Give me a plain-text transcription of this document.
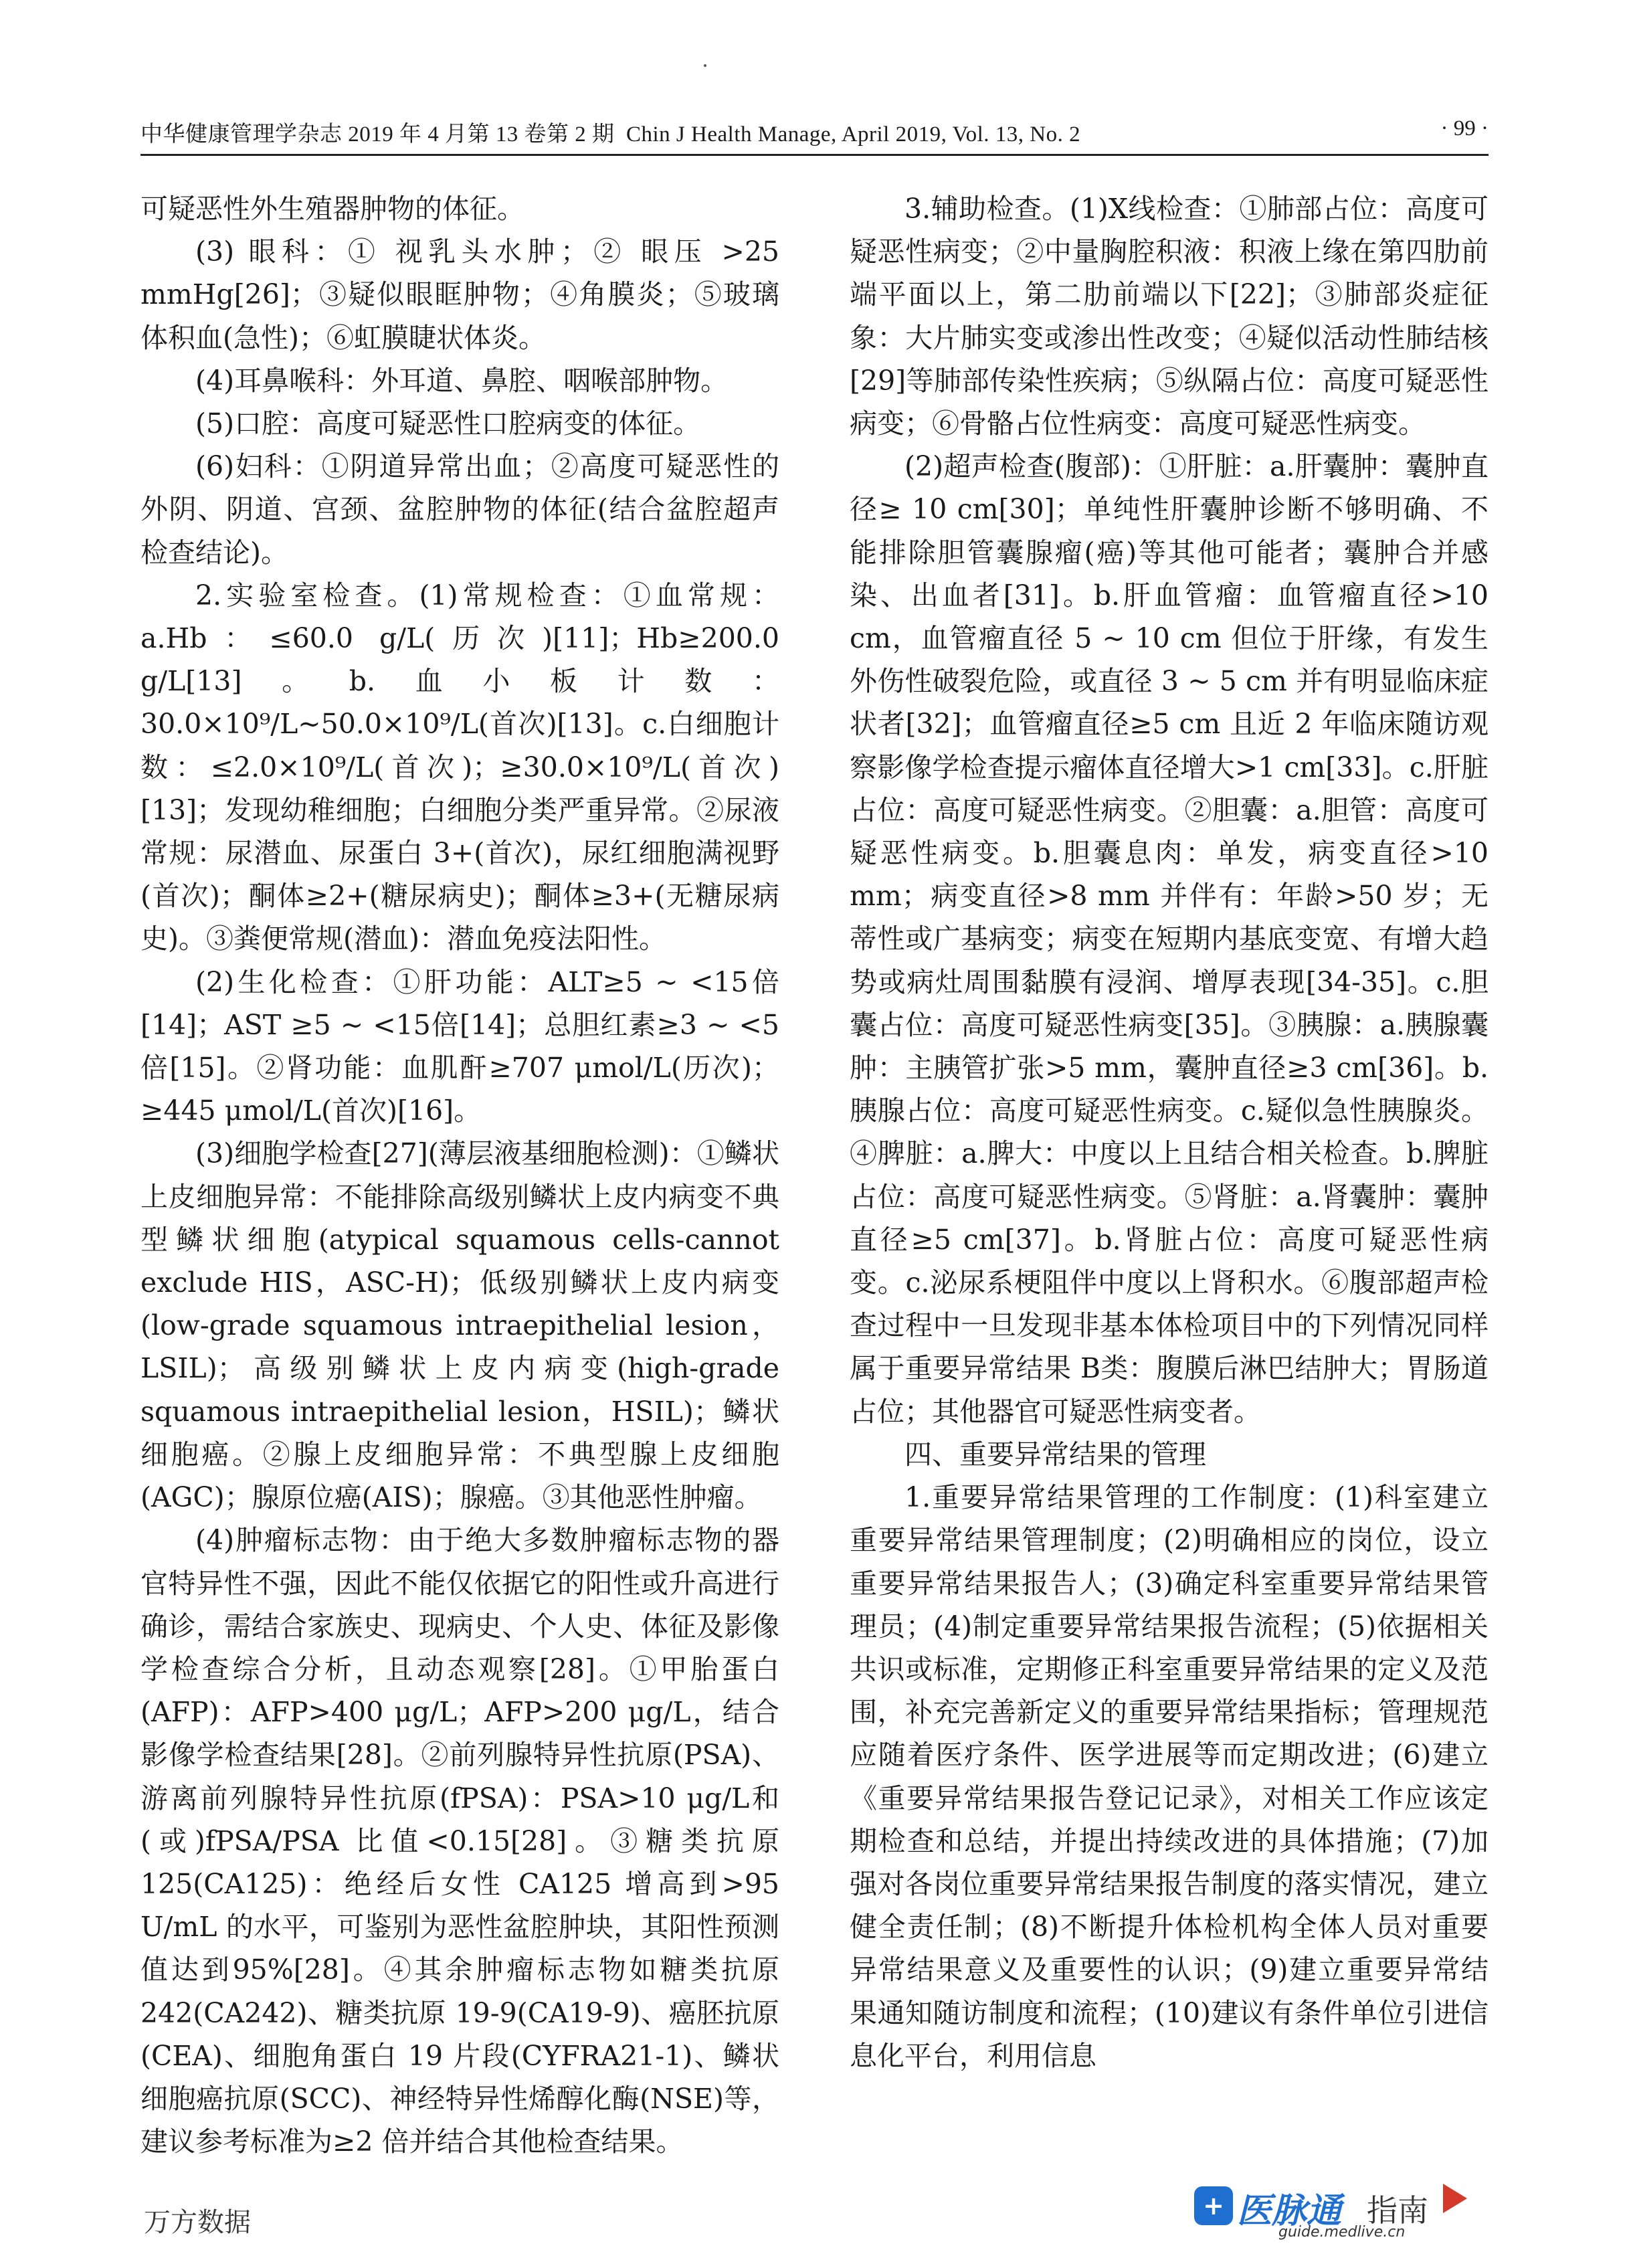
中华健康管理学杂志 2019 年 4 月第 13 卷第 2 期 Chin J Health Manage, April 2019, Vol. 13, No. 2	· 99 ·

可疑恶性外生殖器肿物的体征。

(3) 眼科：① 视乳头水肿；② 眼压 >25 mmHg[26]；③疑似眼眶肿物；④角膜炎；⑤玻璃体积血(急性)；⑥虹膜睫状体炎。

(4)耳鼻喉科：外耳道、鼻腔、咽喉部肿物。

(5)口腔：高度可疑恶性口腔病变的体征。

(6)妇科：①阴道异常出血；②高度可疑恶性的外阴、阴道、宫颈、盆腔肿物的体征(结合盆腔超声检查结论)。

2.实验室检查。(1)常规检查：①血常规：a.Hb：≤60.0 g/L(历次)[11]；Hb≥200.0 g/L[13]。b.血小板计数：30.0×10⁹/L~50.0×10⁹/L(首次)[13]。c.白细胞计数：≤2.0×10⁹/L(首次)；≥30.0×10⁹/L(首次)[13]；发现幼稚细胞；白细胞分类严重异常。②尿液常规：尿潜血、尿蛋白 3+(首次)，尿红细胞满视野(首次)；酮体≥2+(糖尿病史)；酮体≥3+(无糖尿病史)。③粪便常规(潜血)：潜血免疫法阳性。

(2)生化检查：①肝功能：ALT≥5 ~ <15倍[14]；AST ≥5 ~ <15倍[14]；总胆红素≥3 ~ <5倍[15]。②肾功能：血肌酐≥707 μmol/L(历次)；≥445 μmol/L(首次)[16]。

(3)细胞学检查[27](薄层液基细胞检测)：①鳞状上皮细胞异常：不能排除高级别鳞状上皮内病变不典型鳞状细胞(atypical squamous cells-cannot exclude HIS，ASC-H)；低级别鳞状上皮内病变(low-grade squamous intraepithelial lesion，LSIL)；高级别鳞状上皮内病变(high-grade squamous intraepithelial lesion，HSIL)；鳞状细胞癌。②腺上皮细胞异常：不典型腺上皮细胞(AGC)；腺原位癌(AIS)；腺癌。③其他恶性肿瘤。

(4)肿瘤标志物：由于绝大多数肿瘤标志物的器官特异性不强，因此不能仅依据它的阳性或升高进行确诊，需结合家族史、现病史、个人史、体征及影像学检查综合分析，且动态观察[28]。①甲胎蛋白(AFP)：AFP>400 μg/L；AFP>200 μg/L，结合影像学检查结果[28]。②前列腺特异性抗原(PSA)、游离前列腺特异性抗原(fPSA)：PSA>10 μg/L和(或)fPSA/PSA 比值<0.15[28]。③糖类抗原 125(CA125)：绝经后女性 CA125 增高到>95 U/mL 的水平，可鉴别为恶性盆腔肿块，其阳性预测值达到95%[28]。④其余肿瘤标志物如糖类抗原 242(CA242)、糖类抗原 19-9(CA19-9)、癌胚抗原(CEA)、细胞角蛋白 19 片段(CYFRA21-1)、鳞状细胞癌抗原(SCC)、神经特异性烯醇化酶(NSE)等，建议参考标准为≥2 倍并结合其他检查结果。

3.辅助检查。(1)X线检查：①肺部占位：高度可疑恶性病变；②中量胸腔积液：积液上缘在第四肋前端平面以上，第二肋前端以下[22]；③肺部炎症征象：大片肺实变或渗出性改变；④疑似活动性肺结核[29]等肺部传染性疾病；⑤纵隔占位：高度可疑恶性病变；⑥骨骼占位性病变：高度可疑恶性病变。

(2)超声检查(腹部)：①肝脏：a.肝囊肿：囊肿直径≥ 10 cm[30]；单纯性肝囊肿诊断不够明确、不能排除胆管囊腺瘤(癌)等其他可能者；囊肿合并感染、出血者[31]。b.肝血管瘤：血管瘤直径>10 cm，血管瘤直径 5 ~ 10 cm 但位于肝缘，有发生外伤性破裂危险，或直径 3 ~ 5 cm 并有明显临床症状者[32]；血管瘤直径≥5 cm 且近 2 年临床随访观察影像学检查提示瘤体直径增大>1 cm[33]。c.肝脏占位：高度可疑恶性病变。②胆囊：a.胆管：高度可疑恶性病变。b.胆囊息肉：单发，病变直径>10 mm；病变直径>8 mm 并伴有：年龄>50 岁；无蒂性或广基病变；病变在短期内基底变宽、有增大趋势或病灶周围黏膜有浸润、增厚表现[34-35]。c.胆囊占位：高度可疑恶性病变[35]。③胰腺：a.胰腺囊肿：主胰管扩张>5 mm，囊肿直径≥3 cm[36]。b.胰腺占位：高度可疑恶性病变。c.疑似急性胰腺炎。④脾脏：a.脾大：中度以上且结合相关检查。b.脾脏占位：高度可疑恶性病变。⑤肾脏：a.肾囊肿：囊肿直径≥5 cm[37]。b.肾脏占位：高度可疑恶性病变。c.泌尿系梗阻伴中度以上肾积水。⑥腹部超声检查过程中一旦发现非基本体检项目中的下列情况同样属于重要异常结果 B类：腹膜后淋巴结肿大；胃肠道占位；其他器官可疑恶性病变者。

四、重要异常结果的管理

1.重要异常结果管理的工作制度：(1)科室建立重要异常结果管理制度；(2)明确相应的岗位，设立重要异常结果报告人；(3)确定科室重要异常结果管理员；(4)制定重要异常结果报告流程；(5)依据相关共识或标准，定期修正科室重要异常结果的定义及范围，补充完善新定义的重要异常结果指标；管理规范应随着医疗条件、医学进展等而定期改进；(6)建立《重要异常结果报告登记记录》，对相关工作应该定期检查和总结，并提出持续改进的具体措施；(7)加强对各岗位重要异常结果报告制度的落实情况，建立健全责任制；(8)不断提升体检机构全体人员对重要异常结果意义及重要性的认识；(9)建立重要异常结果通知随访制度和流程；(10)建议有条件单位引进信息化平台，利用信息

万方数据
+ 医脉通 指南
guide.medlive.cn
